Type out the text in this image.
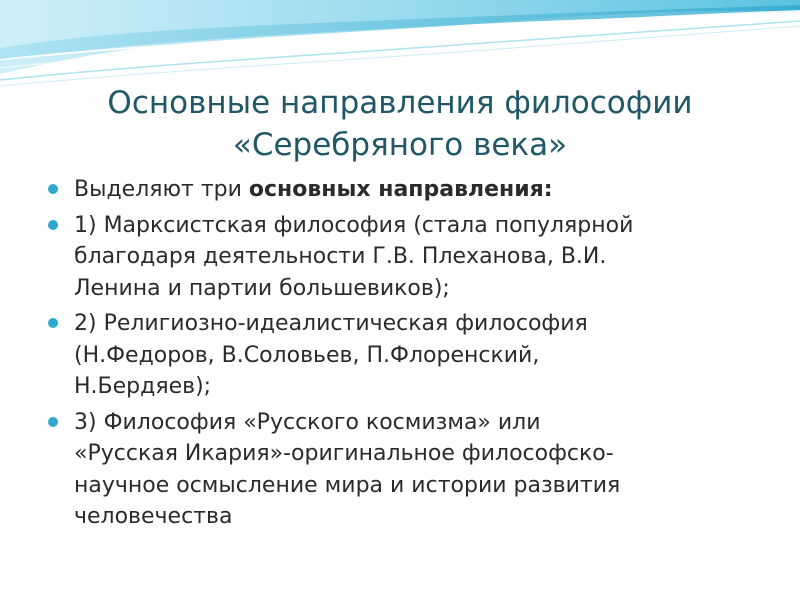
Основные направления философии
«Серебряного века»
Выделяют три основных направления:
1) Марксистская философия (стала популярной
благодаря деятельности Г.В. Плеханова, В.И.
Ленина и партии большевиков);
2) Религиозно-идеалистическая философия
(Н.Федоров, В.Соловьев, П.Флоренский,
Н.Бердяев);
3) Философия «Русского космизма» или
«Русская Икария»-оригинальное философско-
научное осмысление мира и истории развития
человечества
